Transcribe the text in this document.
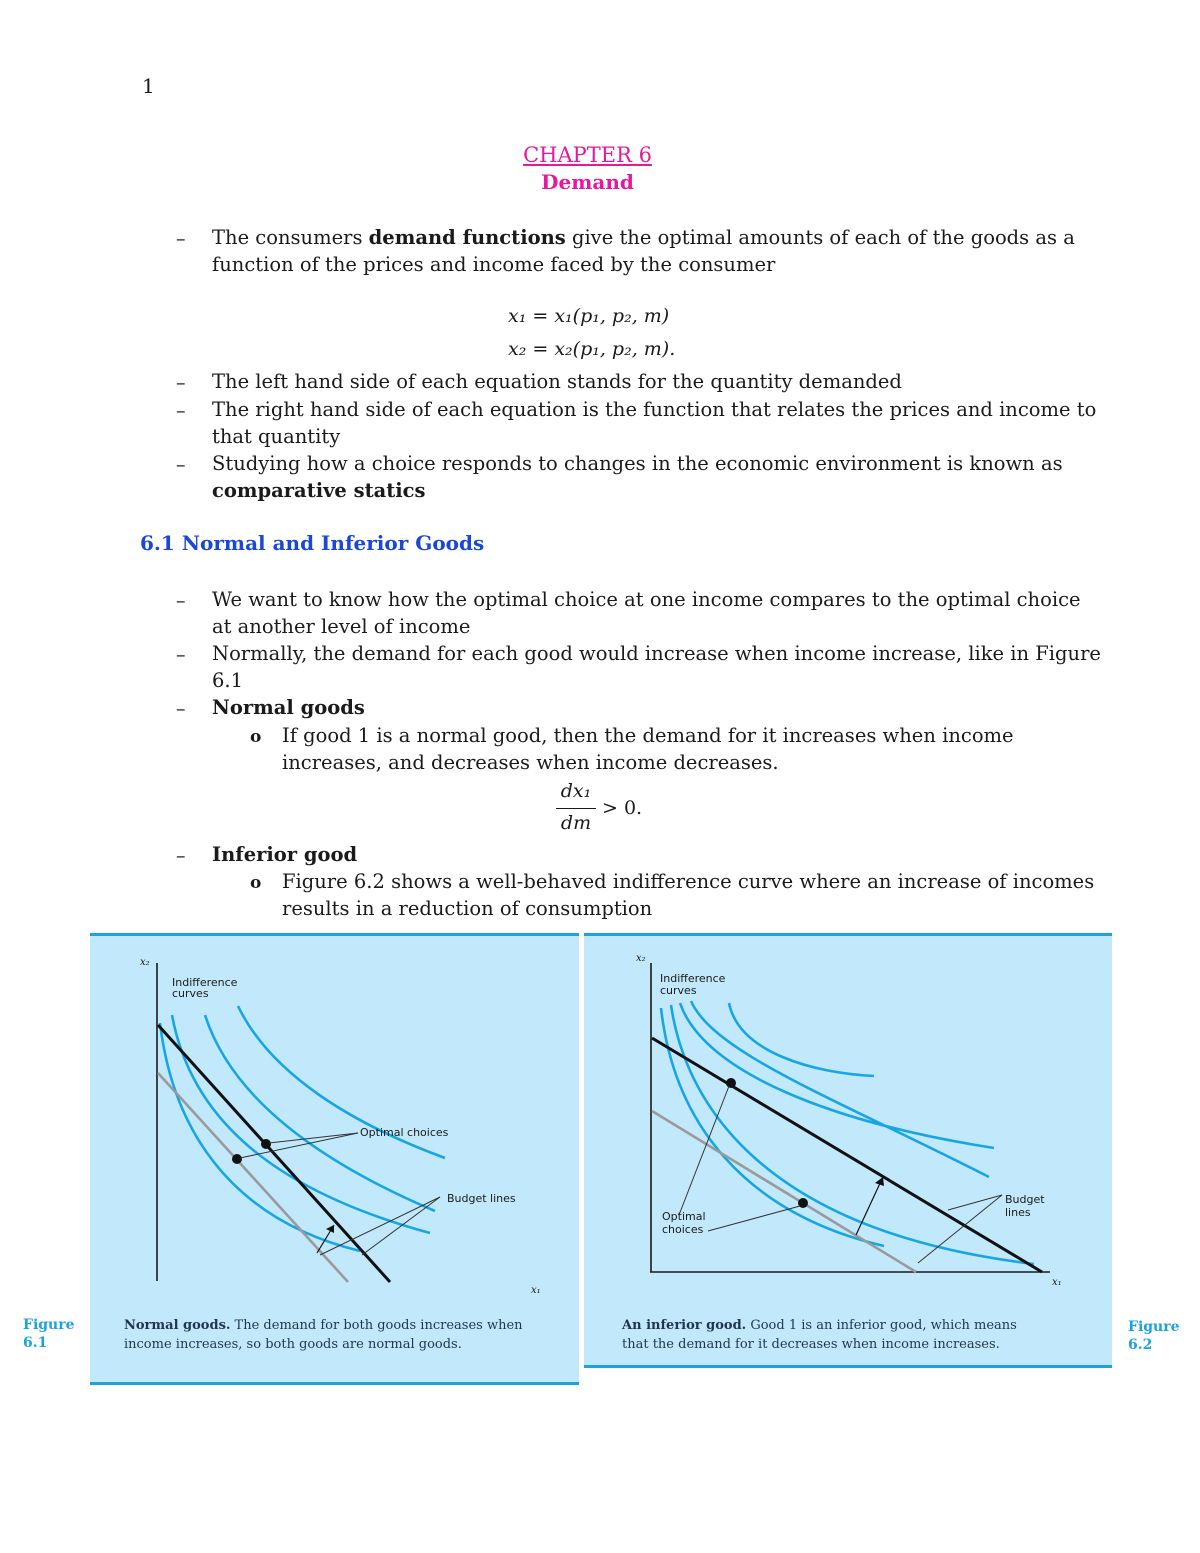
1
CHAPTER 6
Demand
– The consumers demand functions give the optimal amounts of each of the goods as a
function of the prices and income faced by the consumer
x₁ = x₁(p₁, p₂, m)
x₂ = x₂(p₁, p₂, m).
– The left hand side of each equation stands for the quantity demanded
– The right hand side of each equation is the function that relates the prices and income to
that quantity
– Studying how a choice responds to changes in the economic environment is known as
comparative statics
6.1 Normal and Inferior Goods
– We want to know how the optimal choice at one income compares to the optimal choice
at another level of income
– Normally, the demand for each good would increase when income increase, like in Figure
6.1
– Normal goods
o If good 1 is a normal good, then the demand for it increases when income
increases, and decreases when income decreases.
dx₁
dm
> 0.
– Inferior good
o Figure 6.2 shows a well-behaved indifference curve where an increase of incomes
results in a reduction of consumption
x₂
x₁
Indifference
curves
Optimal choices
Budget lines
Normal goods. The demand for both goods increases when
income increases, so both goods are normal goods.
Figure
6.1
x₂
x₁
Indifference
curves
Optimal
choices
Budget
lines
An inferior good. Good 1 is an inferior good, which means
that the demand for it decreases when income increases.
Figure
6.2
